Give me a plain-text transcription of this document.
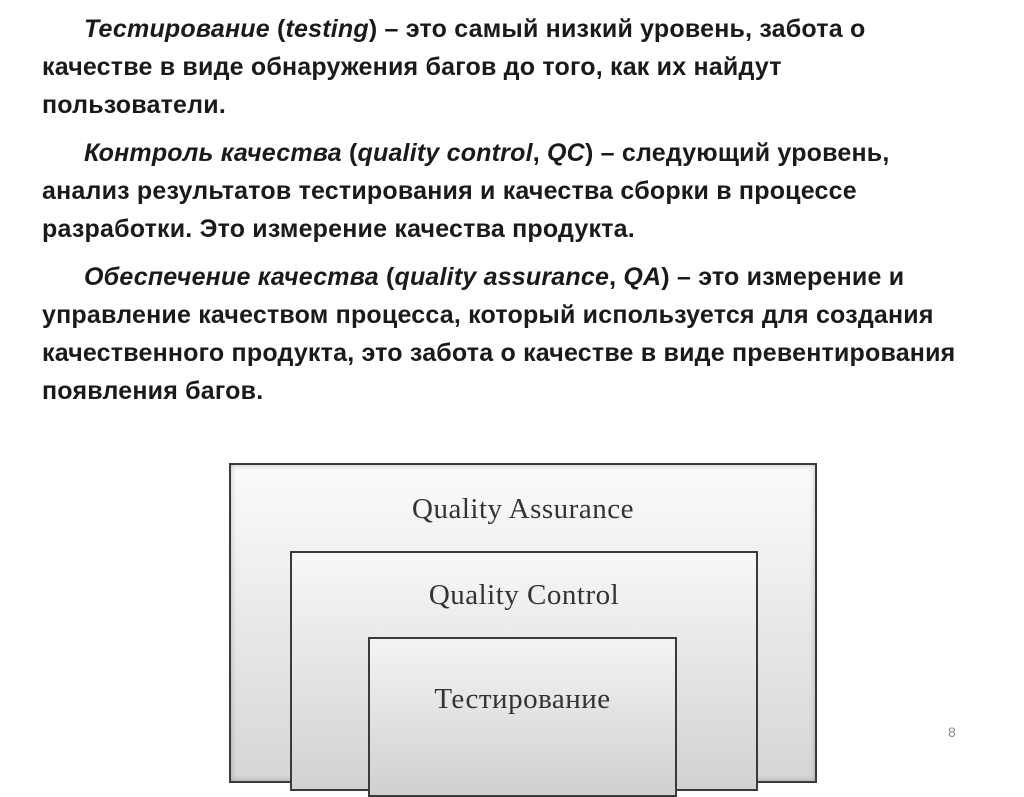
Тестирование (testing) – это самый низкий уровень, забота о качестве в виде обнаружения багов до того, как их найдут пользователи.

Контроль качества (quality control, QC) – следующий уровень, анализ результатов тестирования и качества сборки в процессе разработки. Это измерение качества продукта.

Обеспечение качества (quality assurance, QA) – это измерение и управление качеством процесса, который используется для создания качественного продукта, это забота о качестве в виде превентирования появления багов.

Quality Assurance
Quality Control
Тестирование
8
